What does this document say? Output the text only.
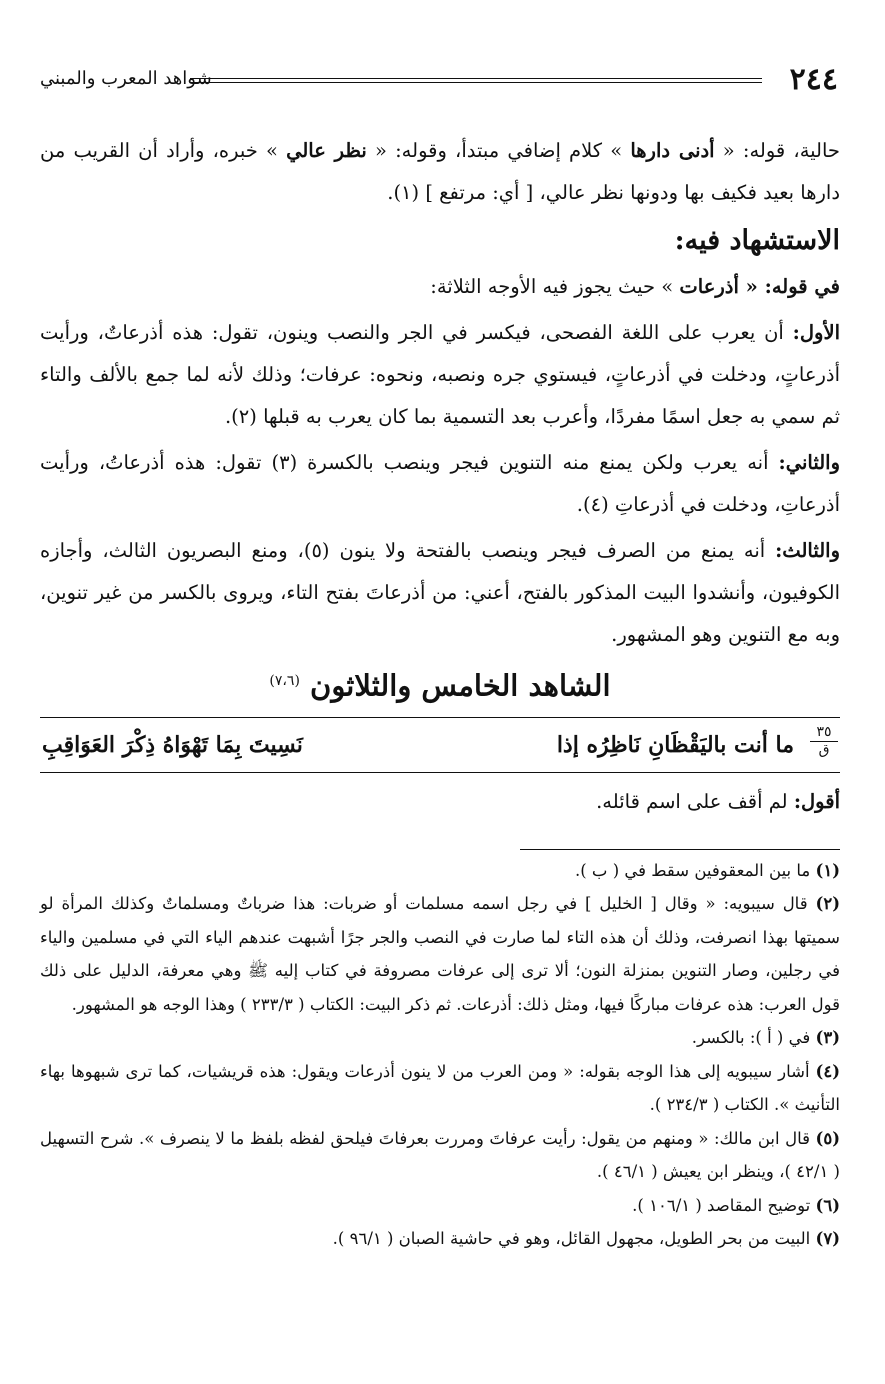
٢٤٤
شواهد المعرب والمبني

حالية، قوله: « أدنى دارها » كلام إضافي مبتدأ، وقوله: « نظر عالي » خبره، وأراد أن القريب من دارها بعيد فكيف بها ودونها نظر عالي، [ أي: مرتفع ] (١).

الاستشهاد فيه:

في قوله: « أذرعات » حيث يجوز فيه الأوجه الثلاثة:

الأول: أن يعرب على اللغة الفصحى، فيكسر في الجر والنصب وينون، تقول: هذه أذرعاتٌ، ورأيت أذرعاتٍ، ودخلت في أذرعاتٍ، فيستوي جره ونصبه، ونحوه: عرفات؛ وذلك لأنه لما جمع بالألف والتاء ثم سمي به جعل اسمًا مفردًا، وأعرب بعد التسمية بما كان يعرب به قبلها (٢).

والثاني: أنه يعرب ولكن يمنع منه التنوين فيجر وينصب بالكسرة (٣) تقول: هذه أذرعاتُ، ورأيت أذرعاتِ، ودخلت في أذرعاتِ (٤).

والثالث: أنه يمنع من الصرف فيجر وينصب بالفتحة ولا ينون (٥)، ومنع البصريون الثالث، وأجازه الكوفيون، وأنشدوا البيت المذكور بالفتح، أعني: من أذرعاتَ بفتح التاء، ويروى بالكسر من غير تنوين، وبه مع التنوين وهو المشهور.

الشاهد الخامس والثلاثون $^{(٧،٦)}$
٣٥
ق
ما أنت باليَقْظَانِ نَاظِرُه إذا
نَسِيتَ بِمَا تَهْوَاهُ ذِكْرَ العَوَاقِبِ

أقول: لم أقف على اسم قائله.

(١) ما بين المعقوفين سقط في ( ب ).

(٢) قال سيبويه: « وقال [ الخليل ] في رجل اسمه مسلمات أو ضربات: هذا ضرباتٌ ومسلماتٌ وكذلك المرأة لو سميتها بهذا انصرفت، وذلك أن هذه التاء لما صارت في النصب والجر جرًا أشبهت عندهم الياء التي في مسلمين والياء في رجلين، وصار التنوين بمنزلة النون؛ ألا ترى إلى عرفات مصروفة في كتاب إليه ﷺ وهي معرفة، الدليل على ذلك قول العرب: هذه عرفات مباركًا فيها، ومثل ذلك: أذرعات. ثم ذكر البيت: الكتاب ( ٢٣٣/٣ ) وهذا الوجه هو المشهور.

(٣) في ( أ ): بالكسر.

(٤) أشار سيبويه إلى هذا الوجه بقوله: « ومن العرب من لا ينون أذرعات ويقول: هذه قريشيات، كما ترى شبهوها بهاء التأنيث ». الكتاب ( ٢٣٤/٣ ).

(٥) قال ابن مالك: « ومنهم من يقول: رأيت عرفاتَ ومررت بعرفاتَ فيلحق لفظه بلفظ ما لا ينصرف ». شرح التسهيل ( ٤٢/١ )، وينظر ابن يعيش ( ٤٦/١ ).

(٦) توضيح المقاصد ( ١٠٦/١ ).

(٧) البيت من بحر الطويل، مجهول القائل، وهو في حاشية الصبان ( ٩٦/١ ).
